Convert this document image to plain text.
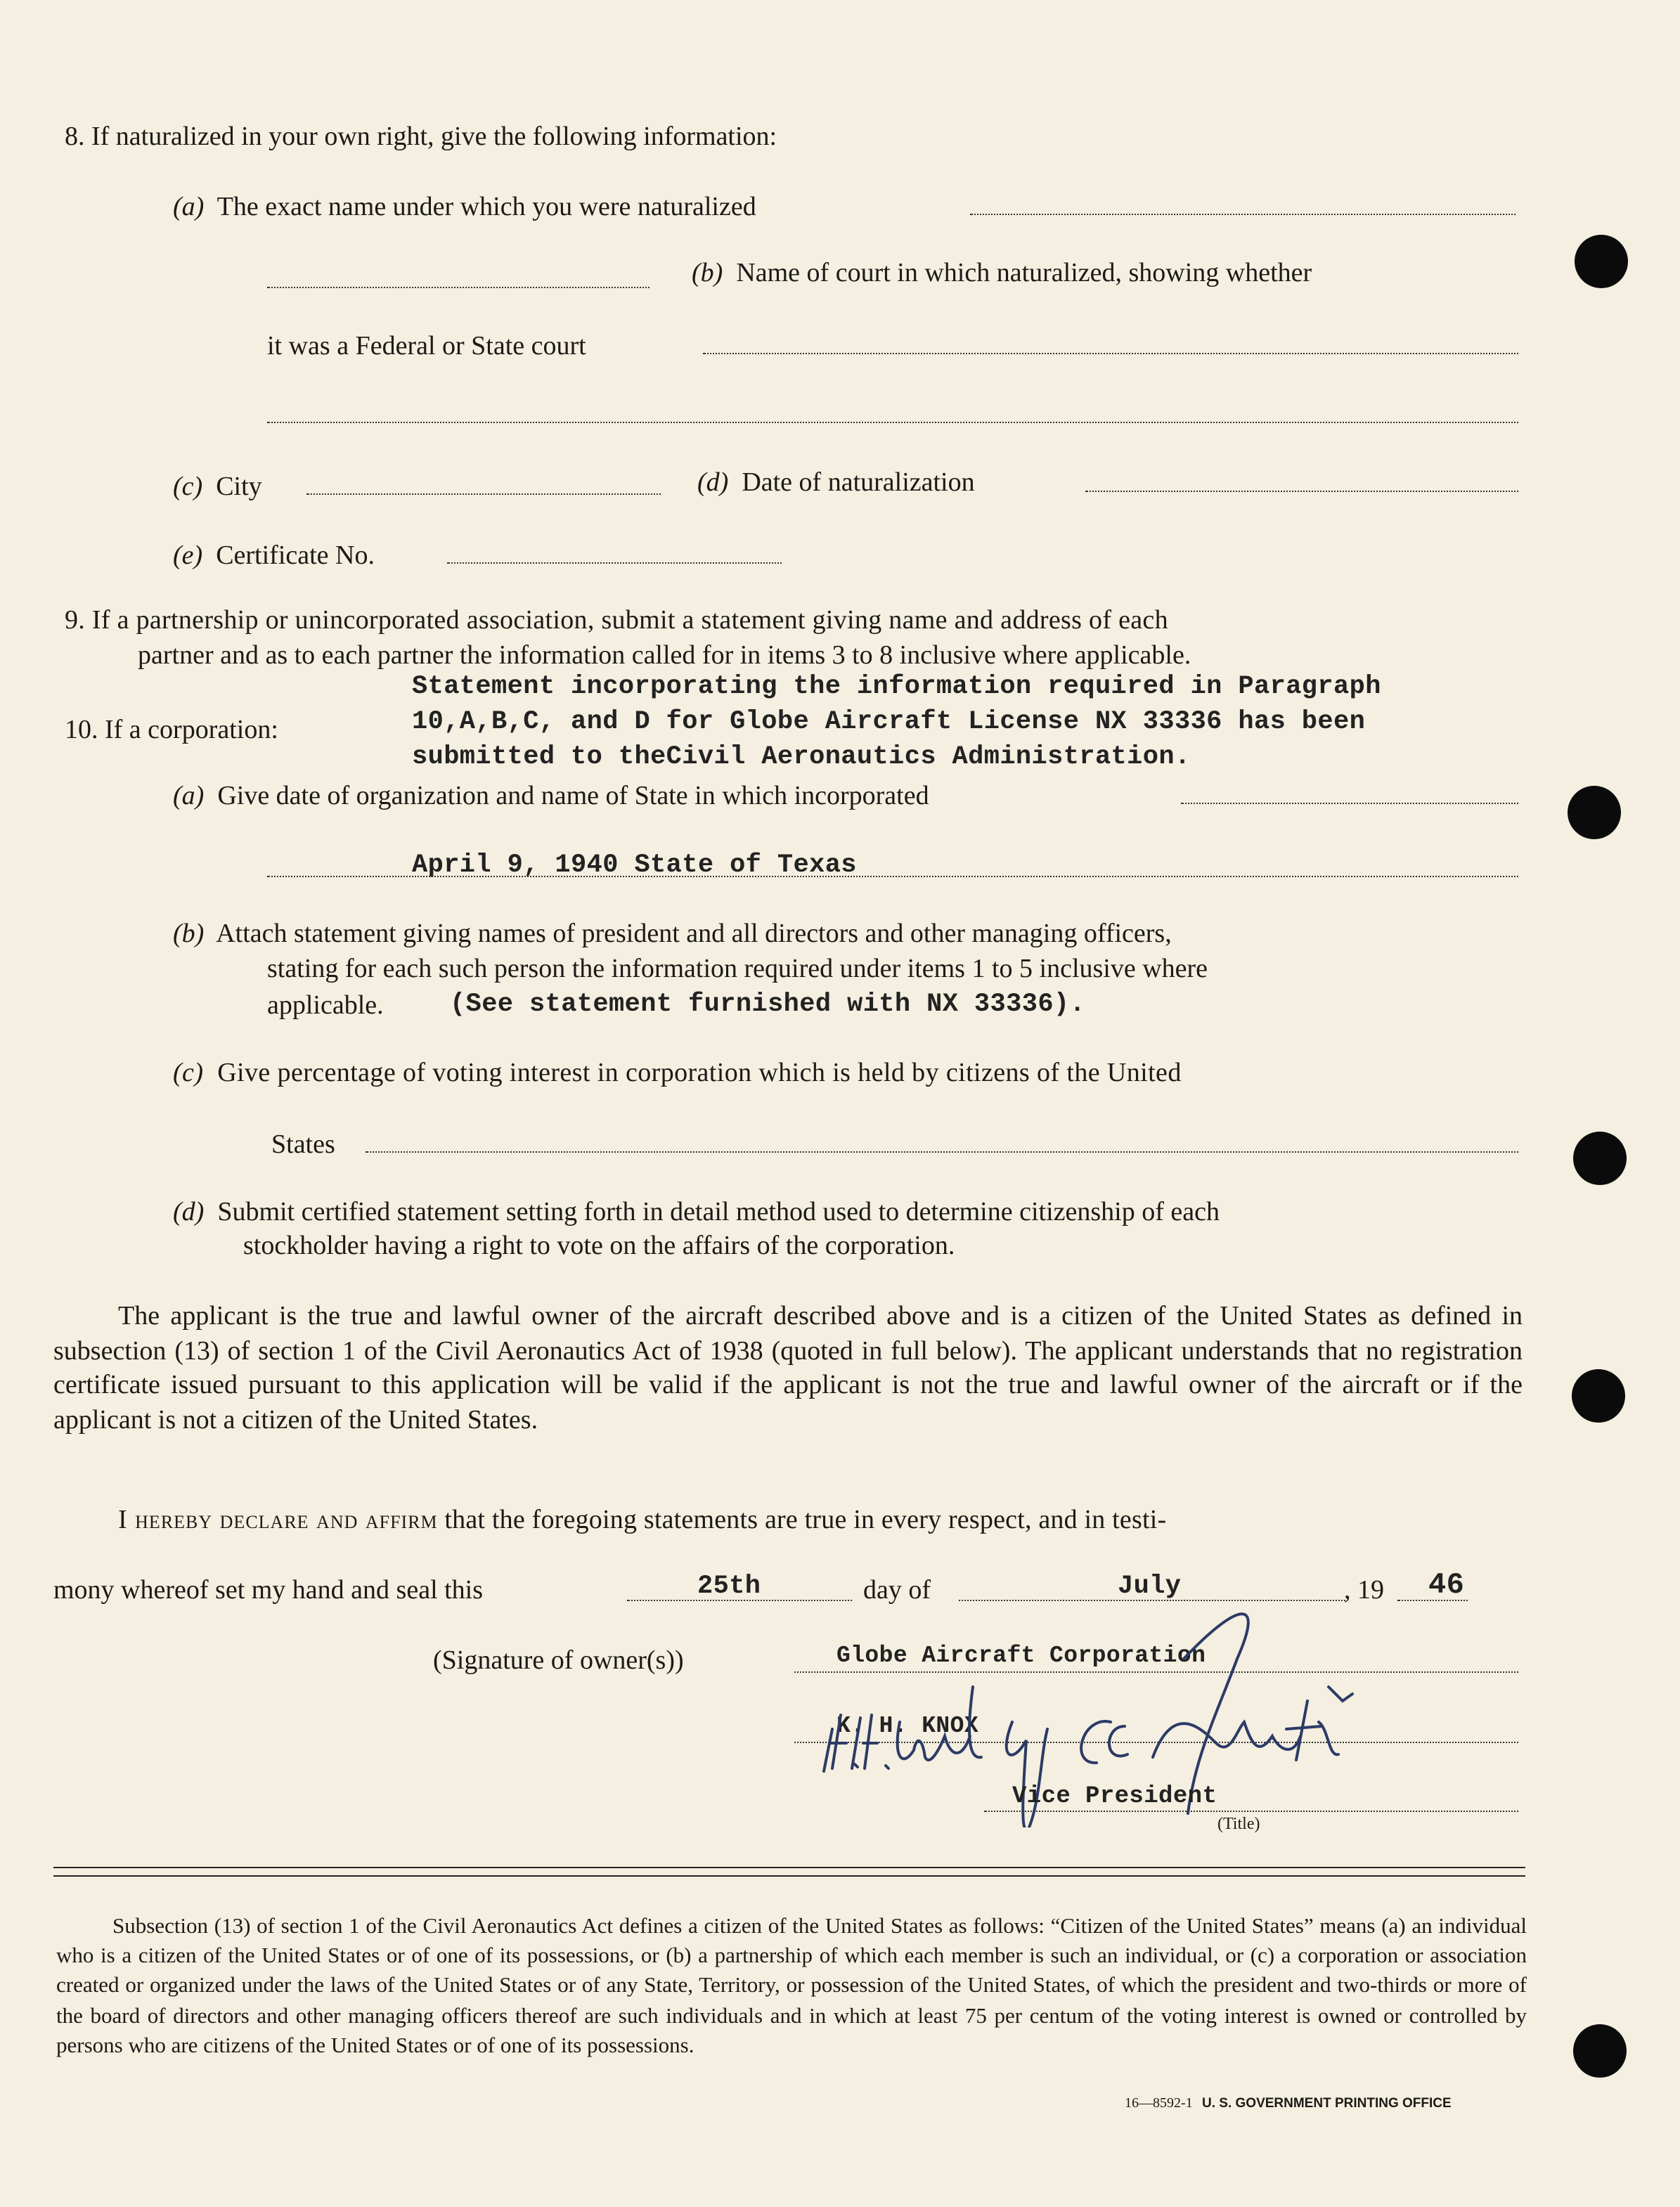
8. If naturalized in your own right, give the following information:
(a) The exact name under which you were naturalized
(b) Name of court in which naturalized, showing whether
it was a Federal or State court
(c) City	(d) Date of naturalization
(e) Certificate No.
9. If a partnership or unincorporated association, submit a statement giving name and address of each
partner and as to each partner the information called for in items 3 to 8 inclusive where applicable.
10. If a corporation:
Statement incorporating the information required in Paragraph
10,A,B,C, and D for Globe Aircraft License NX 33336 has been
submitted to theCivil Aeronautics Administration.
(a) Give date of organization and name of State in which incorporated
April 9, 1940 State of Texas
(b) Attach statement giving names of president and all directors and other managing officers,
stating for each such person the information required under items 1 to 5 inclusive where
applicable.	(See statement furnished with NX 33336).
(c) Give percentage of voting interest in corporation which is held by citizens of the United
States
(d) Submit certified statement setting forth in detail method used to determine citizenship of each
stockholder having a right to vote on the affairs of the corporation.
The applicant is the true and lawful owner of the aircraft described above and is a citizen of the United States as defined in subsection (13) of section 1 of the Civil Aeronautics Act of 1938 (quoted in full below). The applicant understands that no registration certificate issued pursuant to this application will be valid if the applicant is not the true and lawful owner of the aircraft or if the applicant is not a citizen of the United States.
I hereby declare and affirm that the foregoing statements are true in every respect, and in testi-
mony whereof set my hand and seal this	25th	day of	July	, 19	46
(Signature of owner(s))	Globe Aircraft Corporation
K. H. KNOX
Vice President
(Title)
Subsection (13) of section 1 of the Civil Aeronautics Act defines a citizen of the United States as follows: “Citizen of the United States” means (a) an individual who is a citizen of the United States or of one of its possessions, or (b) a partnership of which each member is such an individual, or (c) a corporation or association created or organized under the laws of the United States or of any State, Territory, or possession of the United States, of which the president and two-thirds or more of the board of directors and other managing officers thereof are such individuals and in which at least 75 per centum of the voting interest is owned or controlled by persons who are citizens of the United States or of one of its possessions.
16—8592-1 U. S. GOVERNMENT PRINTING OFFICE
